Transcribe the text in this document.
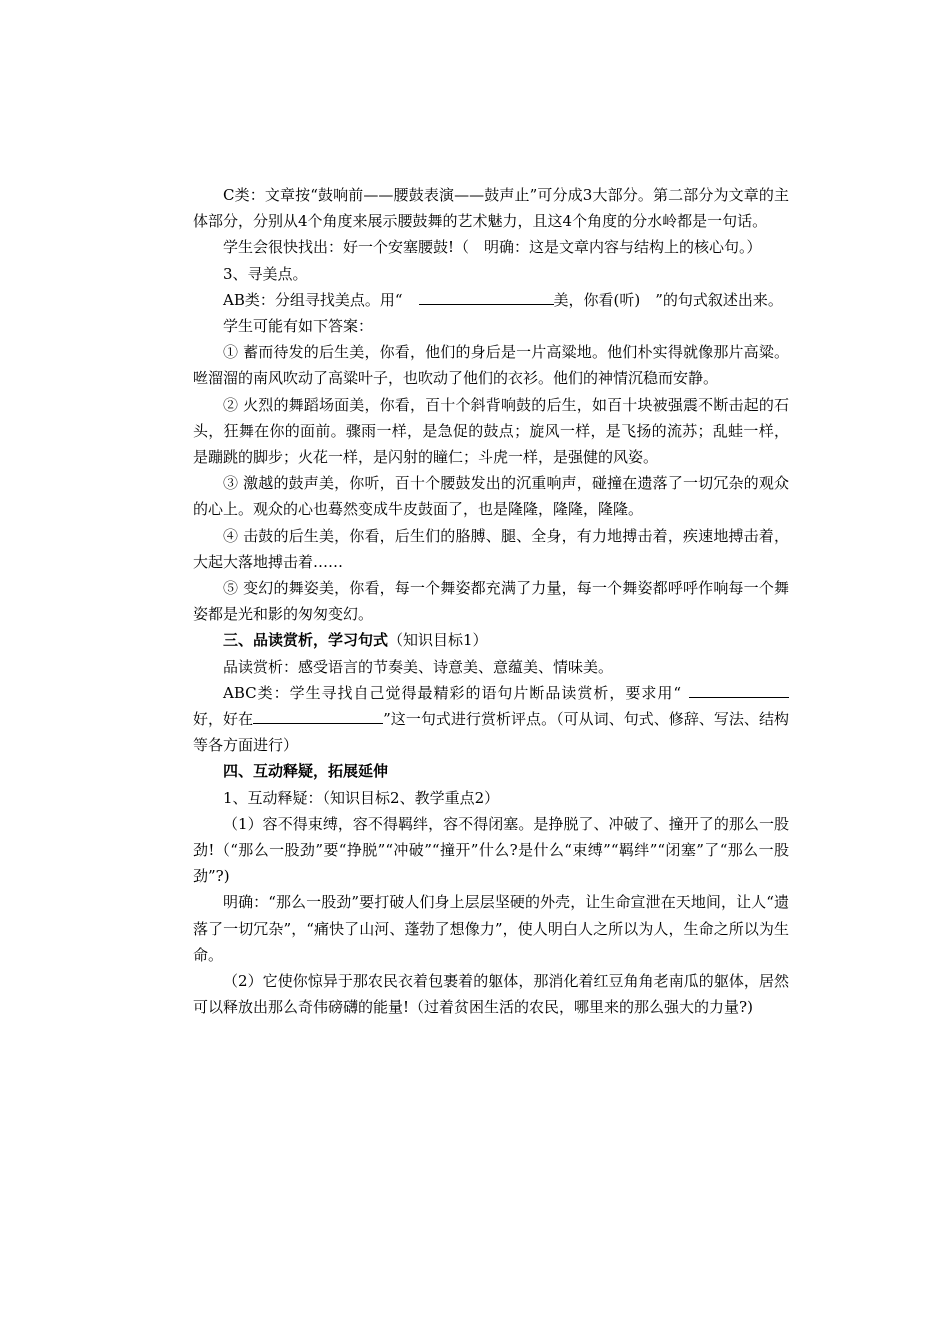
C类：文章按“鼓响前——腰鼓表演——鼓声止”可分成3大部分。第二部分为文章的主体部分，分别从4个角度来展示腰鼓舞的艺术魅力，且这4个角度的分水岭都是一句话。

学生会很快找出：好一个安塞腰鼓!（　明确：这是文章内容与结构上的核心句。）

3、寻美点。

AB类：分组寻找美点。用“	美，你看(听)　”的句式叙述出来。

学生可能有如下答案：

① 蓄而待发的后生美，你看，他们的身后是一片高粱地。他们朴实得就像那片高粱。咝溜溜的南风吹动了高粱叶子，也吹动了他们的衣衫。他们的神情沉稳而安静。

② 火烈的舞蹈场面美，你看，百十个斜背响鼓的后生，如百十块被强震不断击起的石头，狂舞在你的面前。骤雨一样，是急促的鼓点；旋风一样，是飞扬的流苏；乱蛙一样，是蹦跳的脚步；火花一样，是闪射的瞳仁；斗虎一样，是强健的风姿。

③ 激越的鼓声美，你听，百十个腰鼓发出的沉重响声，碰撞在遗落了一切冗杂的观众的心上。观众的心也蓦然变成牛皮鼓面了，也是隆隆，隆隆，隆隆。

④ 击鼓的后生美，你看，后生们的胳膊、腿、全身，有力地搏击着，疾速地搏击着，大起大落地搏击着……

⑤ 变幻的舞姿美，你看，每一个舞姿都充满了力量，每一个舞姿都呼呼作响每一个舞姿都是光和影的匆匆变幻。

三、品读赏析，学习句式（知识目标1）

品读赏析：感受语言的节奏美、诗意美、意蕴美、情味美。

ABC类：学生寻找自己觉得最精彩的语句片断品读赏析，要求用“好，好在	”这一句式进行赏析评点。（可从词、句式、修辞、写法、结构等各方面进行）

四、互动释疑，拓展延伸

1、互动释疑：（知识目标2、教学重点2）

（1）容不得束缚，容不得羁绊，容不得闭塞。是挣脱了、冲破了、撞开了的那么一股劲!（“那么一股劲”要“挣脱”“冲破”“撞开”什么?是什么“束缚”“羁绊”“闭塞”了“那么一股劲”?)

明确：“那么一股劲”要打破人们身上层层坚硬的外壳，让生命宣泄在天地间，让人“遗落了一切冗杂”，“痛快了山河、蓬勃了想像力”，使人明白人之所以为人，生命之所以为生命。

（2）它使你惊异于那农民衣着包裹着的躯体，那消化着红豆角角老南瓜的躯体，居然可以释放出那么奇伟磅礴的能量!（过着贫困生活的农民，哪里来的那么强大的力量?)
